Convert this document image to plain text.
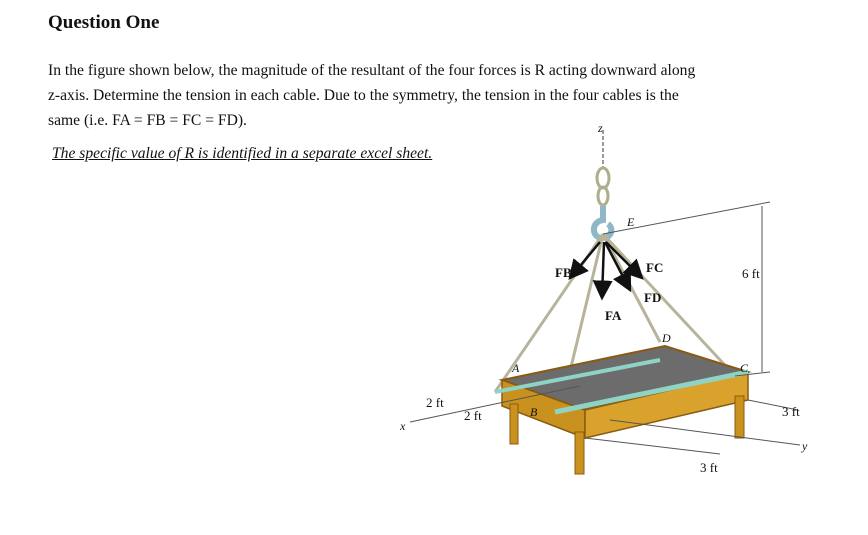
Question One

In the figure shown below, the magnitude of the resultant of the four forces is R acting downward along

z-axis. Determine the tension in each cable. Due to the symmetry, the tension in the four cables is the

same (i.e. FA = FB = FC = FD).

The specific value of R is identified in a separate excel sheet.
z
E
FB
FA
FC
FD
D
A
B
C
6 ft
x
2 ft
2 ft
y
3 ft
3 ft
